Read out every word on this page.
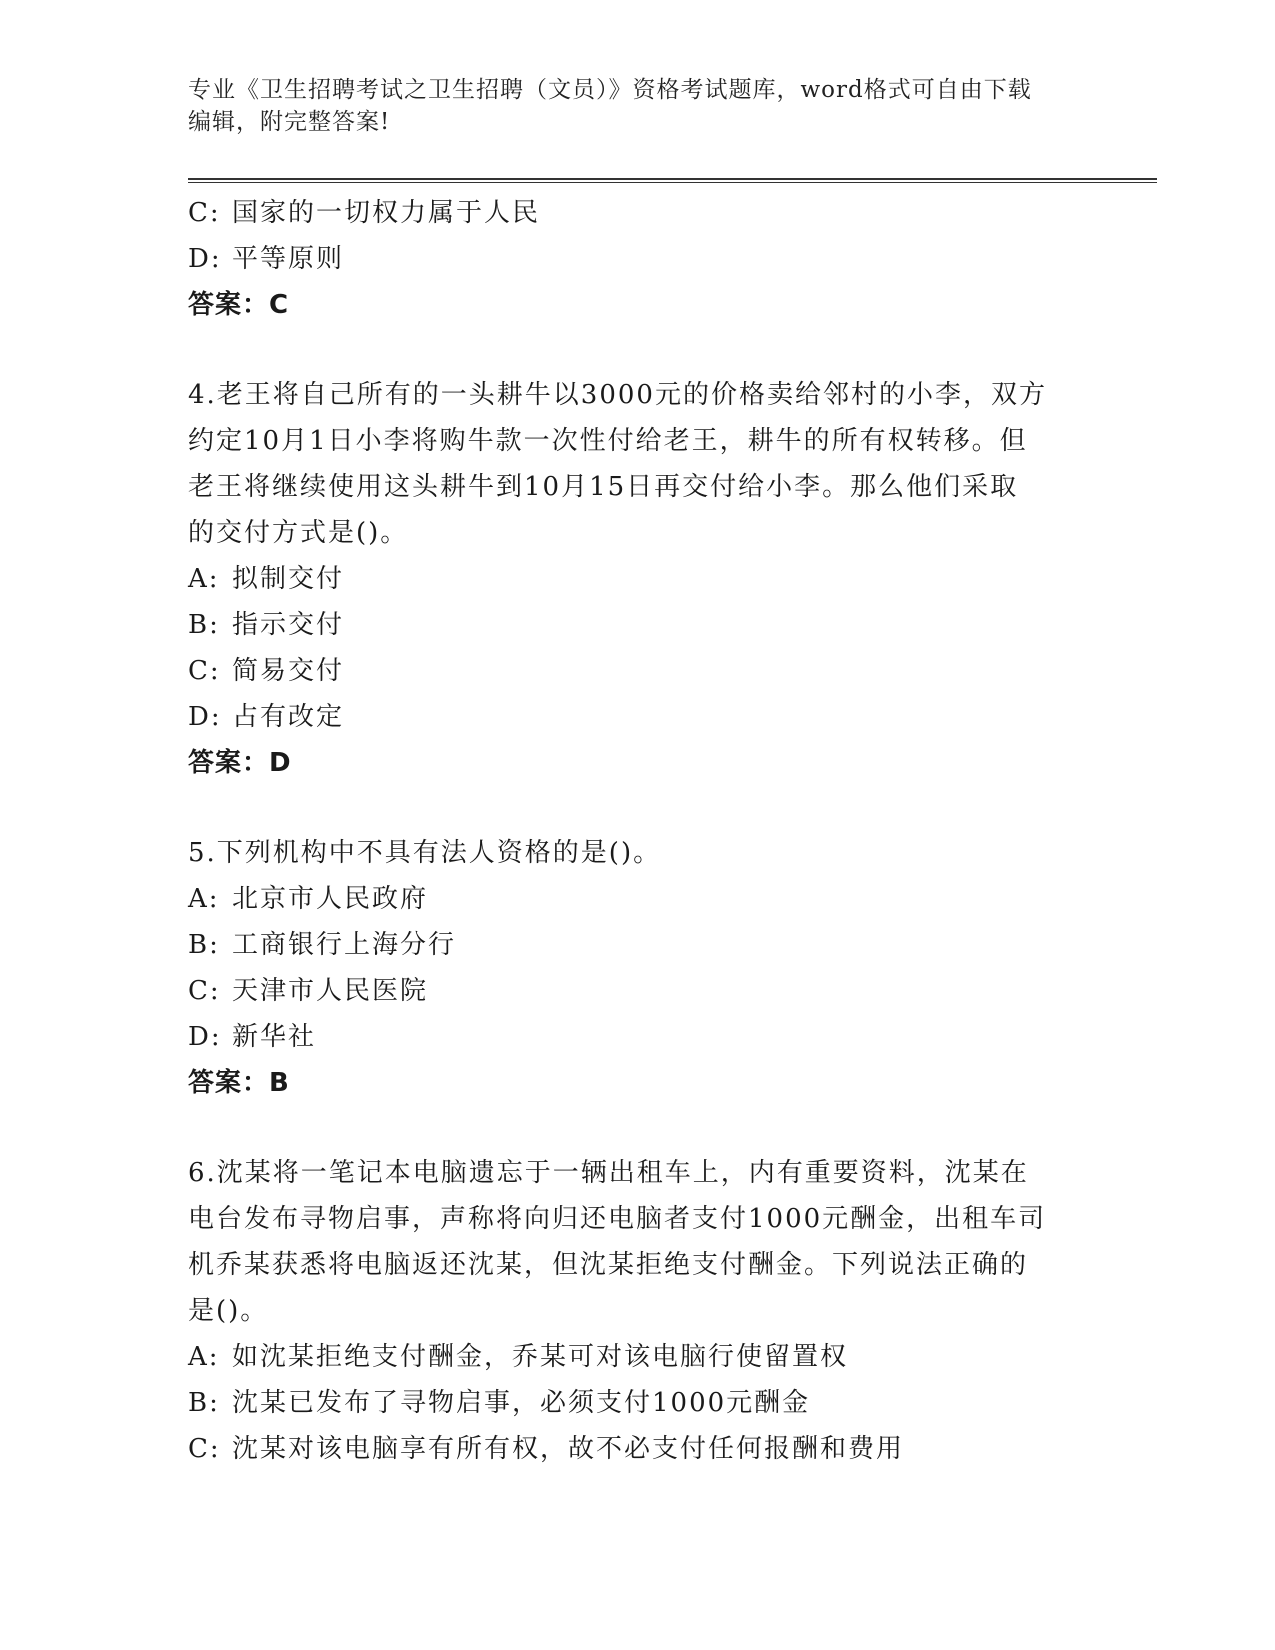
专业《卫生招聘考试之卫生招聘（文员）》资格考试题库，word格式可自由下载
编辑，附完整答案!
C: 国家的一切权力属于人民
D: 平等原则
答案：C
4.老王将自己所有的一头耕牛以3000元的价格卖给邻村的小李，双方
约定10月1日小李将购牛款一次性付给老王，耕牛的所有权转移。但
老王将继续使用这头耕牛到10月15日再交付给小李。那么他们采取
的交付方式是()。
A: 拟制交付
B: 指示交付
C: 简易交付
D: 占有改定
答案：D
5.下列机构中不具有法人资格的是()。
A: 北京市人民政府
B: 工商银行上海分行
C: 天津市人民医院
D: 新华社
答案：B
6.沈某将一笔记本电脑遗忘于一辆出租车上，内有重要资料，沈某在
电台发布寻物启事，声称将向归还电脑者支付1000元酬金，出租车司
机乔某获悉将电脑返还沈某，但沈某拒绝支付酬金。下列说法正确的
是()。
A: 如沈某拒绝支付酬金，乔某可对该电脑行使留置权
B: 沈某已发布了寻物启事，必须支付1000元酬金
C: 沈某对该电脑享有所有权，故不必支付任何报酬和费用
